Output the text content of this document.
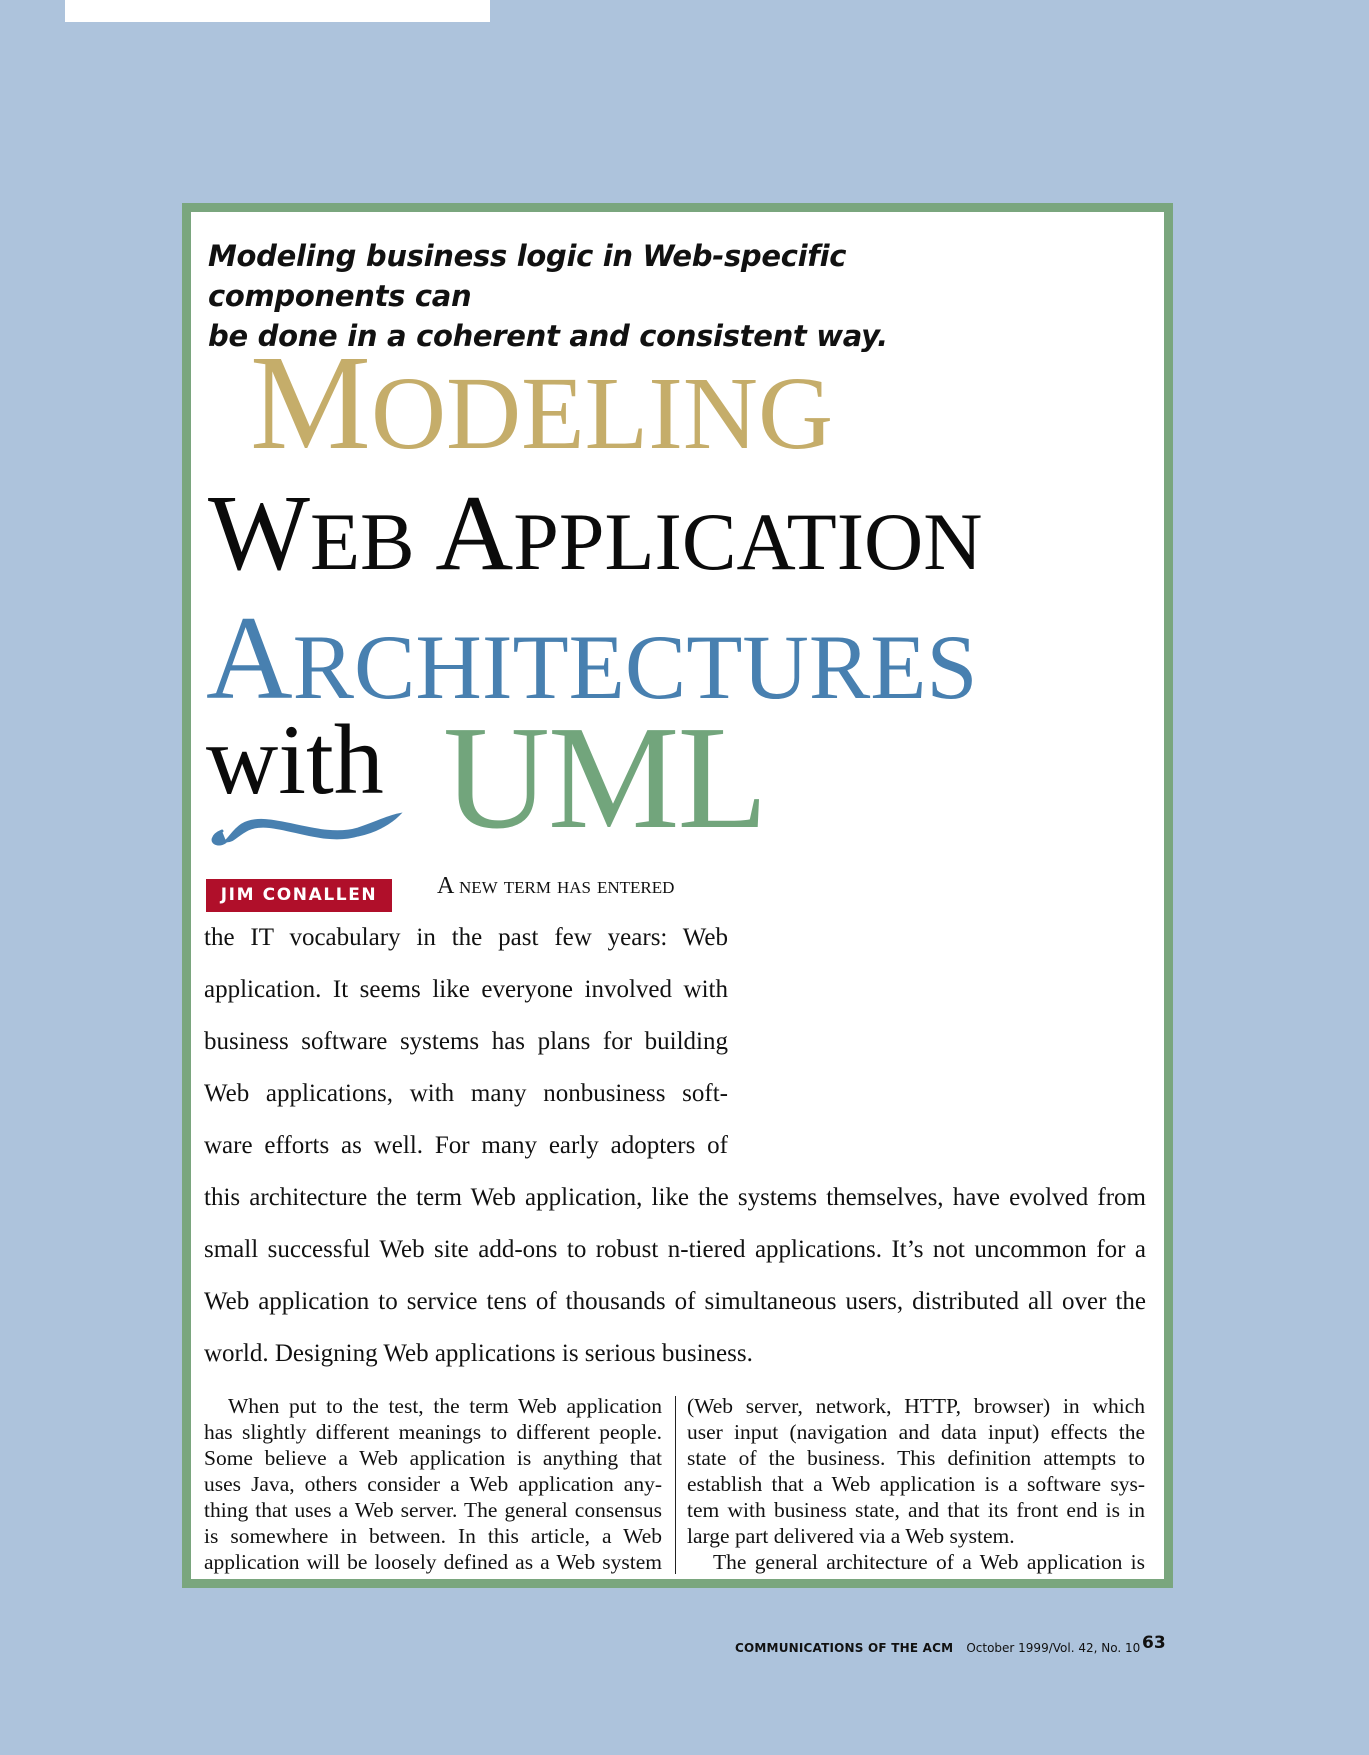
Modeling business logic in Web-specific components can
be done in a coherent and consistent way.
MODELING
WEB APPLICATION
ARCHITECTURES
with UML
JIM CONALLEN	A new term has entered
the IT vocabulary in the past few years: Web
application. It seems like everyone involved with
business software systems has plans for building
Web applications, with many nonbusiness soft-
ware efforts as well. For many early adopters of
this architecture the term Web application, like the systems themselves, have evolved from
small successful Web site add-ons to robust n-tiered applications. It’s not uncommon for a
Web application to service tens of thousands of simultaneous users, distributed all over the
world. Designing Web applications is serious business.
When put to the test, the term Web application
has slightly different meanings to different people.
Some believe a Web application is anything that
uses Java, others consider a Web application any-
thing that uses a Web server. The general consensus
is somewhere in between. In this article, a Web
application will be loosely defined as a Web system
(Web server, network, HTTP, browser) in which
user input (navigation and data input) effects the
state of the business. This definition attempts to
establish that a Web application is a software sys-
tem with business state, and that its front end is in
large part delivered via a Web system.
The general architecture of a Web application is
COMMUNICATIONS OF THE ACM October 1999/Vol. 42, No. 10 63
